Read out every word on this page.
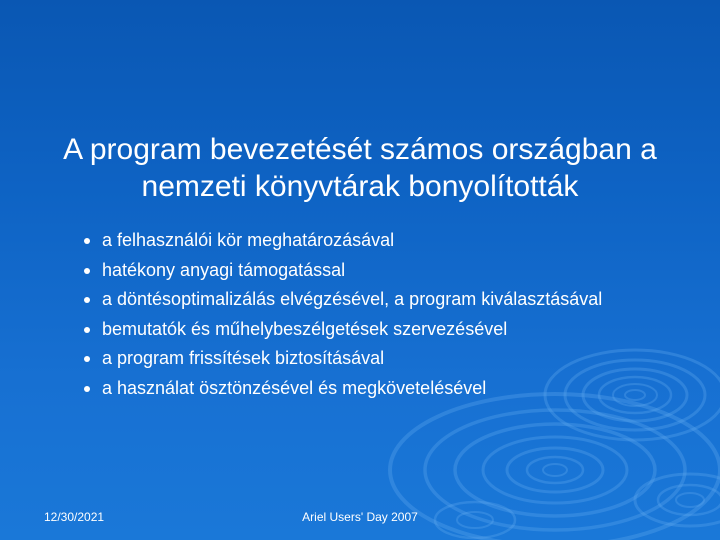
A program bevezetését számos országban a
nemzeti könyvtárak bonyolították
a felhasználói kör meghatározásával
hatékony anyagi támogatással
a döntésoptimalizálás elvégzésével, a program kiválasztásával
bemutatók és műhelybeszélgetések szervezésével
a program frissítések biztosításával
a használat ösztönzésével és megkövetelésével
12/30/2021	Ariel Users' Day 2007
